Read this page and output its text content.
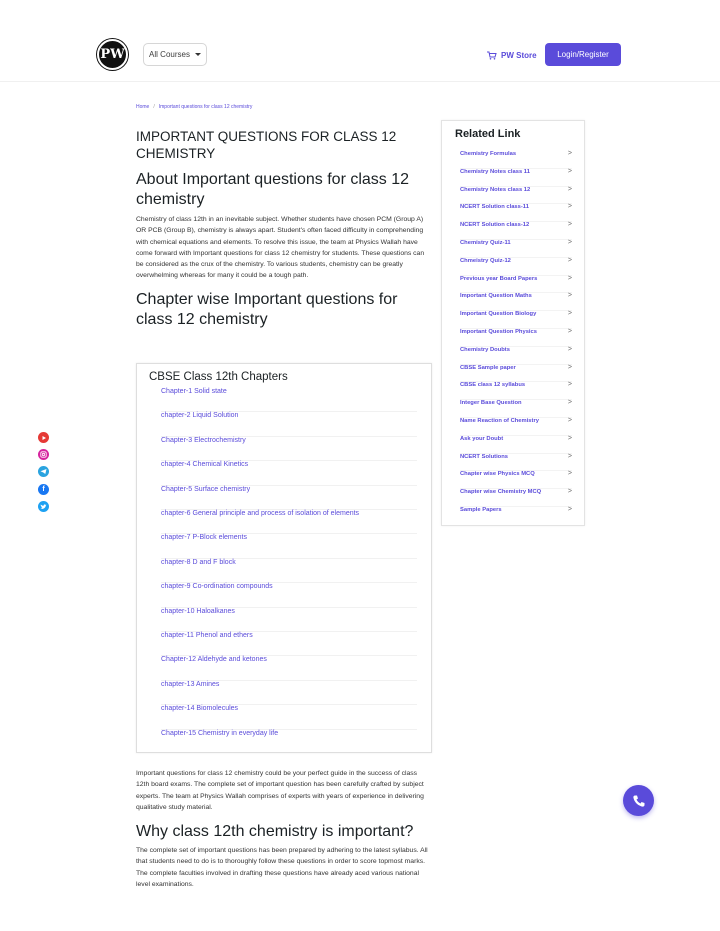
PW	All Courses	PW Store	Login/Register
Home / Important questions for class 12 chemistry
IMPORTANT QUESTIONS FOR CLASS 12 CHEMISTRY
About Important questions for class 12 chemistry

Chemistry of class 12th in an inevitable subject. Whether students have chosen PCM (Group A) OR PCB (Group B), chemistry is always apart. Student's often faced difficulty in comprehending with chemical equations and elements. To resolve this issue, the team at Physics Wallah have come forward with Important questions for class 12 chemistry for students. These questions can be considered as the crux of the chemistry. To various students, chemistry can be greatly overwhelming whereas for many it could be a tough path.

Chapter wise Important questions for class 12 chemistry
CBSE Class 12th Chapters
Chapter-1 Solid state
chapter-2 Liquid Solution
Chapter-3 Electrochemistry
chapter-4 Chemical Kinetics
Chapter-5 Surface chemistry
chapter-6 General principle and process of isolation of elements
chapter-7 P-Block elements
chapter-8 D and F block
chapter-9 Co-ordination compounds
chapter-10 Haloalkanes
chapter-11 Phenol and ethers
Chapter-12 Aldehyde and ketones
chapter-13 Amines
chapter-14 Biomolecules
Chapter-15 Chemistry in everyday life

Important questions for class 12 chemistry could be your perfect guide in the success of class 12th board exams. The complete set of important question has been carefully crafted by subject experts. The team at Physics Wallah comprises of experts with years of experience in delivering qualitative study material.

Why class 12th chemistry is important?

The complete set of important questions has been prepared by adhering to the latest syllabus. All that students need to do is to thoroughly follow these questions in order to score topmost marks. The complete faculties involved in drafting these questions have already aced various national level examinations.

Related Link
Chemistry Formulas	>
Chemistry Notes class 11	>
Chemistry Notes class 12	>
NCERT Solution class-11	>
NCERT Solution class-12	>
Chemistry Quiz-11	>
Chmeistry Quiz-12	>
Previous year Board Papers	>
Important Question Maths	>
Important Question Biology	>
Important Question Physics	>
Chemistry Doubts	>
CBSE Sample paper	>
CBSE class 12 syllabus	>
Integer Base Question	>
Name Reaction of Chemistry	>
Ask your Doubt	>
NCERT Solutions	>
Chapter wise Physics MCQ	>
Chapter wise Chemistry MCQ	>
Sample Papers	>
f
